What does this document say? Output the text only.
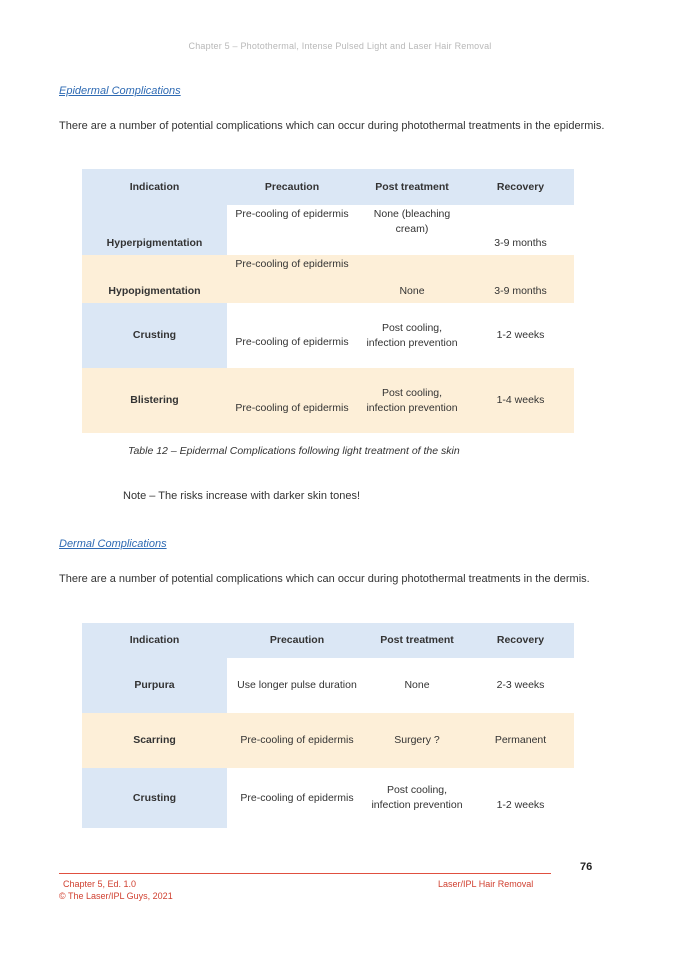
Chapter 5 – Photothermal, Intense Pulsed Light and Laser Hair Removal
Epidermal Complications
There are a number of potential complications which can occur during photothermal treatments in the epidermis.
Indication	Precaution	Post treatment	Recovery
Hyperpigmentation	Pre-cooling of epidermis	None (bleaching cream)	3-9 months
Hypopigmentation	Pre-cooling of epidermis	None	3-9 months
Crusting	Pre-cooling of epidermis	Post cooling, infection prevention	1-2 weeks
Blistering	Pre-cooling of epidermis	Post cooling, infection prevention	1-4 weeks
Table 12 – Epidermal Complications following light treatment of the skin
Note – The risks increase with darker skin tones!
Dermal Complications
There are a number of potential complications which can occur during photothermal treatments in the dermis.
Indication	Precaution	Post treatment	Recovery
Purpura	Use longer pulse duration	None	2-3 weeks
Scarring	Pre-cooling of epidermis	Surgery ?	Permanent
Crusting	Pre-cooling of epidermis	Post cooling, infection prevention	1-2 weeks
76
Chapter 5, Ed. 1.0	Laser/IPL Hair Removal
© The Laser/IPL Guys, 2021
